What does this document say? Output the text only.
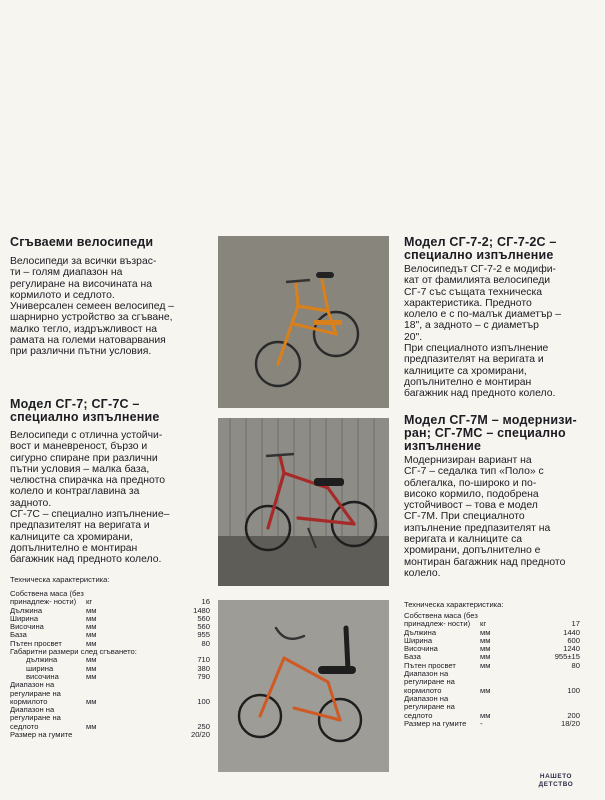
Сгъваеми велосипеди

Велосипеди за всички възрас-

ти – голям диапазон на

регулиране на височината на

кормилото и седлото.

Универсален семеен велосипед –

шарнирно устройство за сгъване,

малко тегло, издръжливост на

рамата на големи натоварвания

при различни пътни условия.

Модел СГ-7; СГ-7С –
специално изпълнение

Велосипеди с отлична устойчи-

вост и маневреност, бързо и

сигурно спиране при различни

пътни условия – малка база,

челюстна спирачка на предното

колело и контраглавина за

задното.

СГ-7С – специално изпълнение–

предпазителят на веригата и

калниците са хромирани,

допълнително е монтиран

багажник над предното колело.

Техническа характеристика:
Собствена маса (без принадлеж- ности)	кг	16
Дължина	мм	1480
Ширина	мм	560
Височина	мм	560
База	мм	955
Пътен просвет	мм	80
Габаритни размери след сгъването:		
дължина	мм	710
ширина	мм	380
височина	мм	790
Диапазон на регулиране на кормилото	мм	100
Диапазон на регулиране на седлото	мм	250
Размер на гумите		20/20
Модел СГ-7-2; СГ-7-2С –
специално изпълнение

Велосипедът СГ-7-2 е модифи-

кат от фамилията велосипеди

СГ-7 със същата техническа

характеристика. Предното

колело е с по-малък диаметър –

18", а задното – с диаметър

20".

При специалното изпълнение

предпазителят на веригата и

калниците са хромирани,

допълнително е монтиран

багажник над предното колело.

Модел СГ-7М – модернизи-
ран; СГ-7МС – специално
изпълнение

Модернизиран вариант на

СГ-7 – седалка тип «Поло» с

облегалка, по-широко и по-

високо кормило, подобрена

устойчивост – това е модел

СГ-7М. При специалното

изпълнение предпазителят на

веригата и калниците са

хромирани, допълнително е

монтиран багажник над предното

колело.

Техническа характеристика:
Собствена маса (без принадлеж- ности)	кг	17
Дължина	мм	1440
Ширина	мм	600
Височина	мм	1240
База	мм	955±15
Пътен просвет	мм	80
Диапазон на регулиране на кормилото	мм	100
Диапазон на регулиране на седлото	мм	200
Размер на гумите	-	18/20
НАШЕТО
ДЕТСТВО
